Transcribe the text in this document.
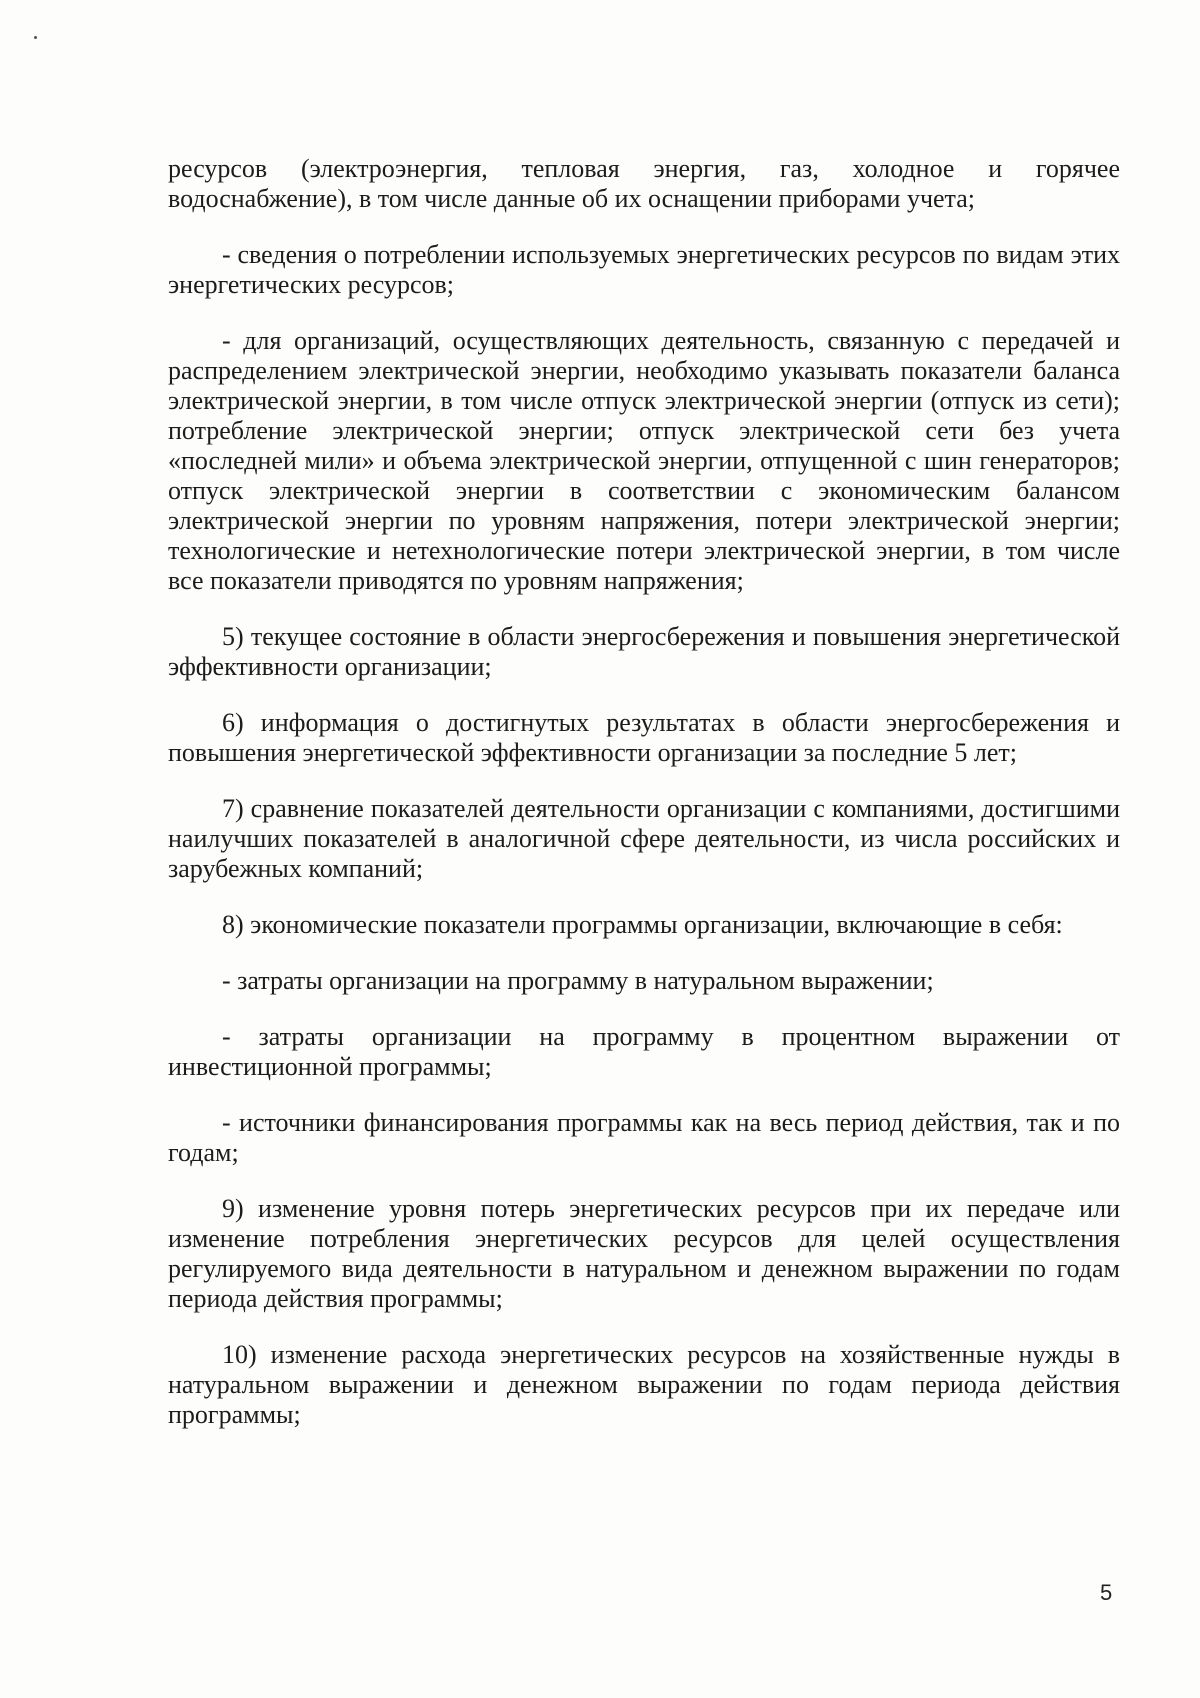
ресурсов (электроэнергия, тепловая энергия, газ, холодное и горячее водоснабжение), в том числе данные об их оснащении приборами учета;

- сведения о потреблении используемых энергетических ресурсов по видам этих энергетических ресурсов;

- для организаций, осуществляющих деятельность, связанную с передачей и распределением электрической энергии, необходимо указывать показатели баланса электрической энергии, в том числе отпуск электрической энергии (отпуск из сети); потребление электрической энергии; отпуск электрической сети без учета «последней мили» и объема электрической энергии, отпущенной с шин генераторов; отпуск электрической энергии в соответствии с экономическим балансом электрической энергии по уровням напряжения, потери электрической энергии; технологические и нетехнологические потери электрической энергии, в том числе все показатели приводятся по уровням напряжения;

5) текущее состояние в области энергосбережения и повышения энергетической эффективности организации;

6) информация о достигнутых результатах в области энергосбережения и повышения энергетической эффективности организации за последние 5 лет;

7) сравнение показателей деятельности организации с компаниями, достигшими наилучших показателей в аналогичной сфере деятельности, из числа российских и зарубежных компаний;

8) экономические показатели программы организации, включающие в себя:

- затраты организации на программу в натуральном выражении;

- затраты организации на программу в процентном выражении от инвестиционной программы;

- источники финансирования программы как на весь период действия, так и по годам;

9) изменение уровня потерь энергетических ресурсов при их передаче или изменение потребления энергетических ресурсов для целей осуществления регулируемого вида деятельности в натуральном и денежном выражении по годам периода действия программы;

10) изменение расхода энергетических ресурсов на хозяйственные нужды в натуральном выражении и денежном выражении по годам периода действия программы;

5
